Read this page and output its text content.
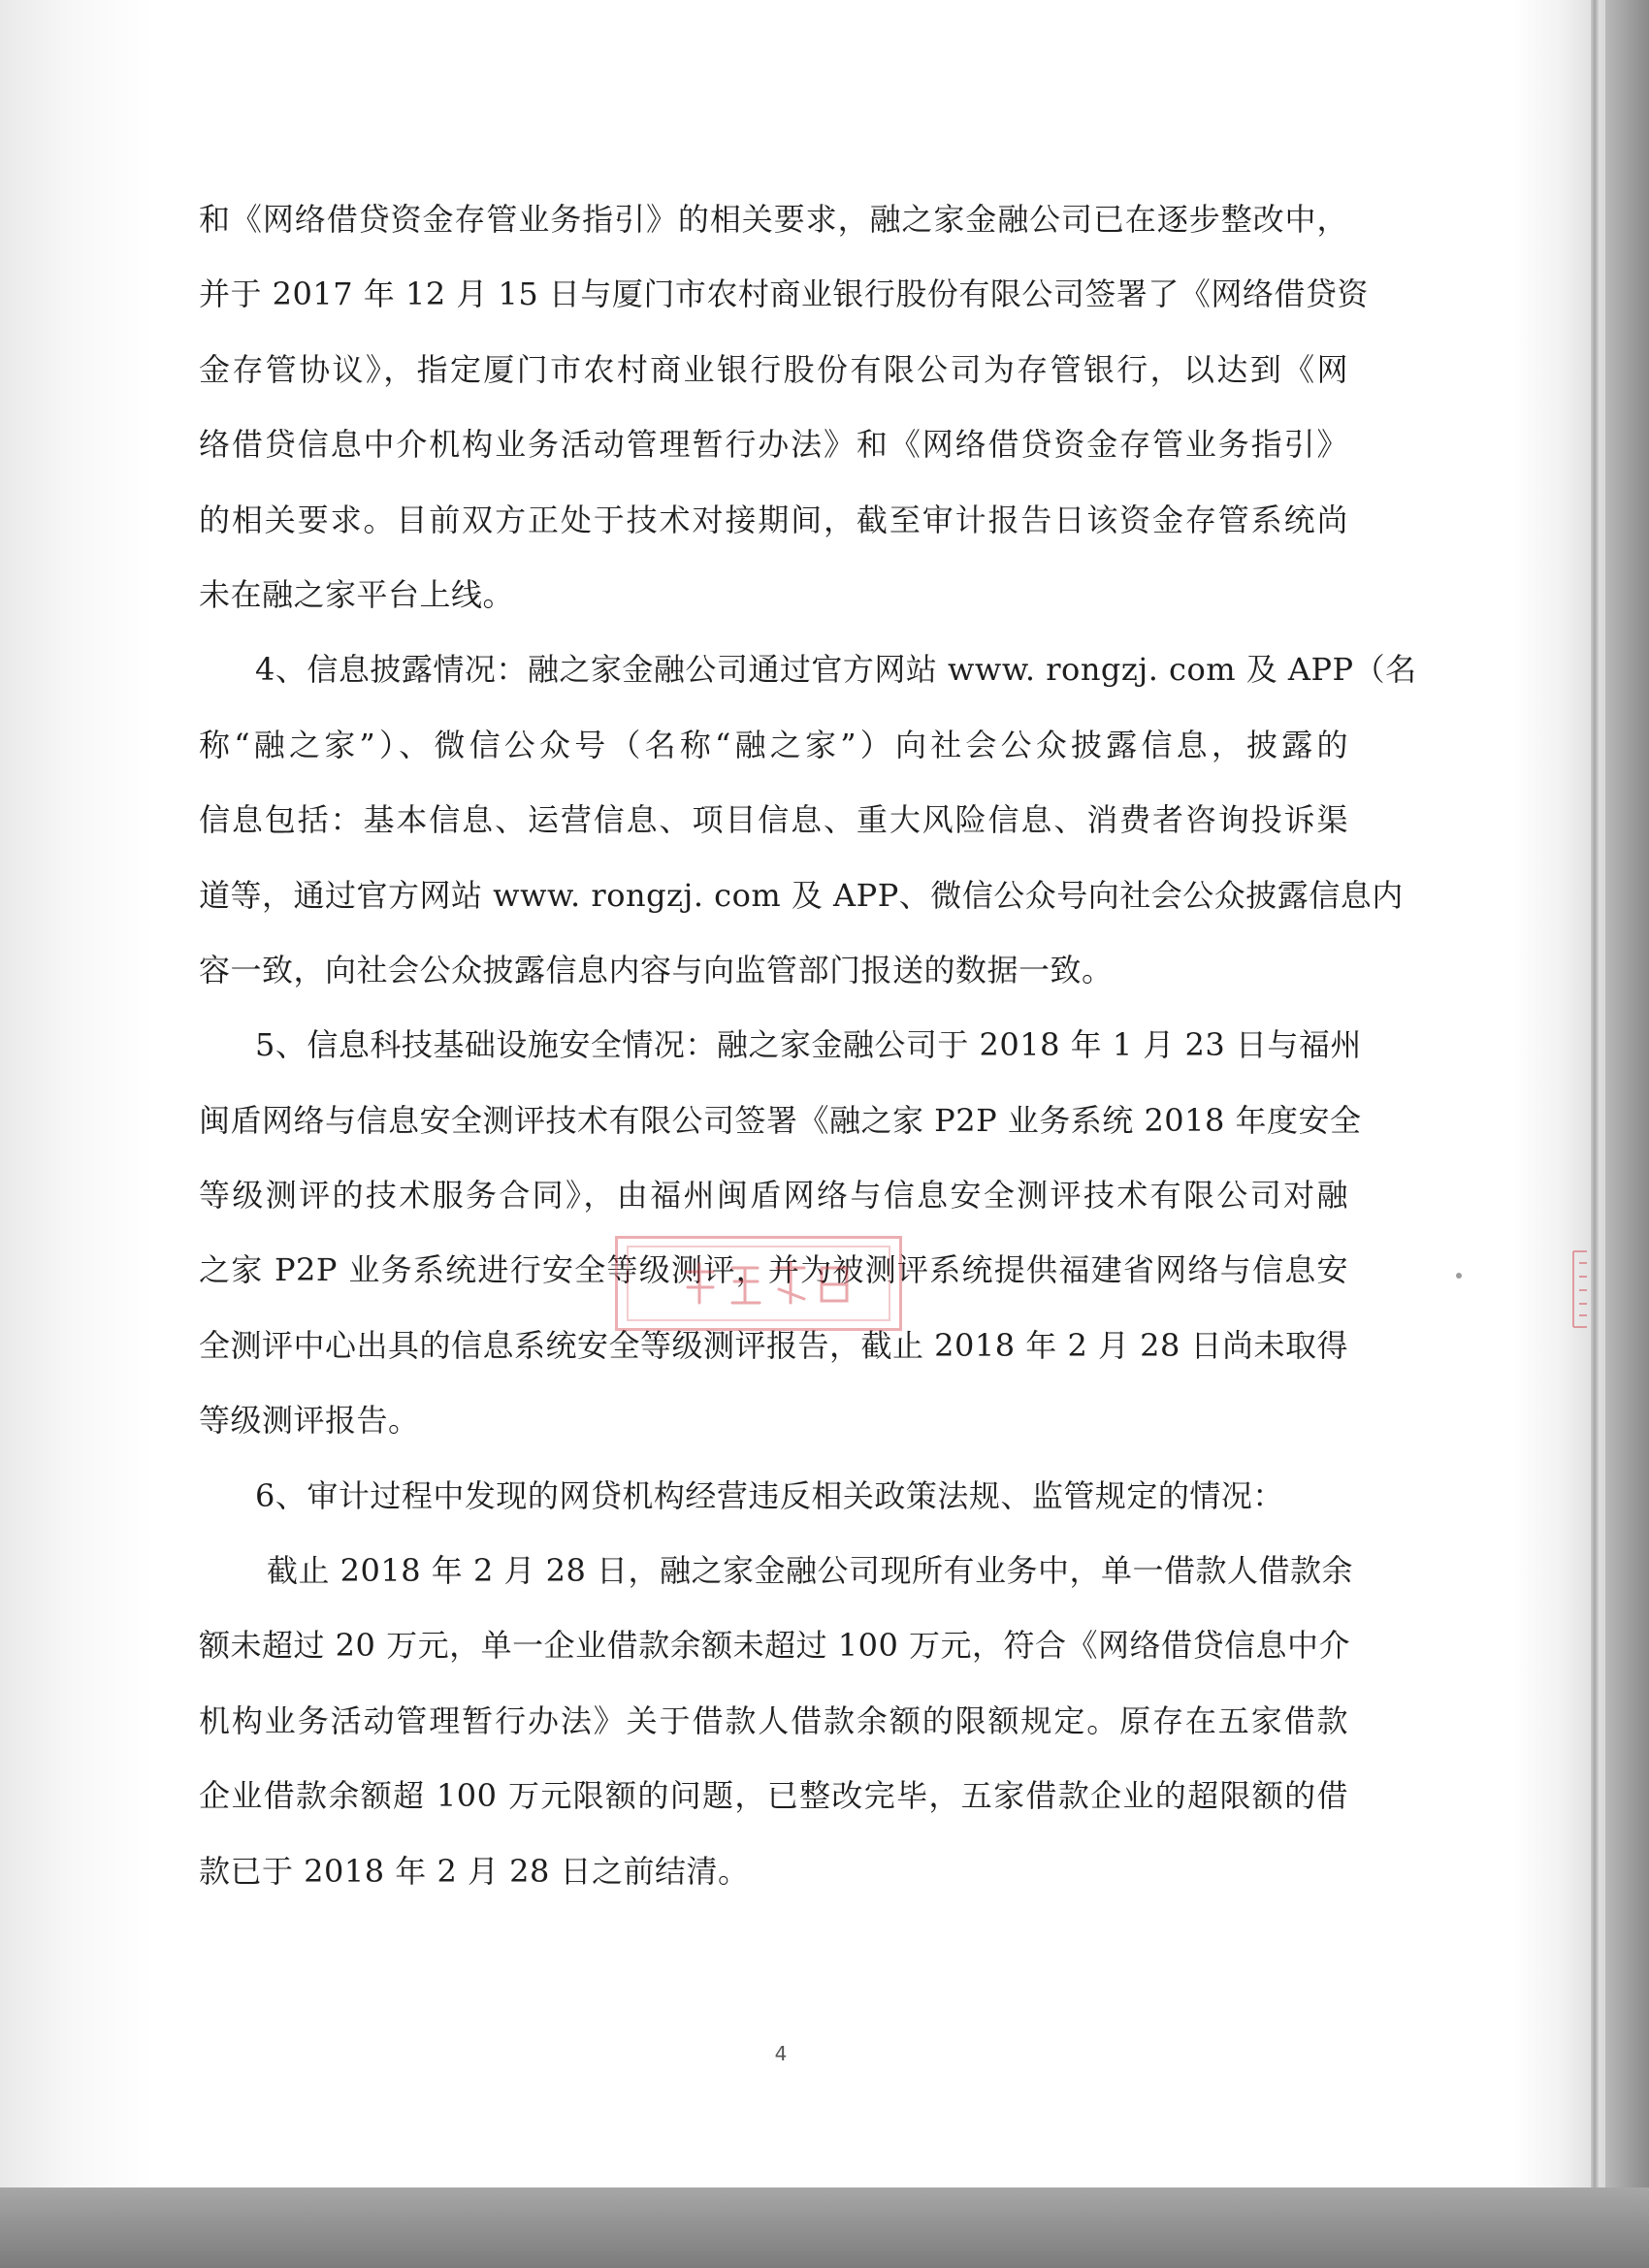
和《网络借贷资金存管业务指引》的相关要求，融之家金融公司已在逐步整改中，
并于 2017 年 12 月 15 日与厦门市农村商业银行股份有限公司签署了《网络借贷资
金存管协议》，指定厦门市农村商业银行股份有限公司为存管银行，以达到《网
络借贷信息中介机构业务活动管理暂行办法》和《网络借贷资金存管业务指引》
的相关要求。目前双方正处于技术对接期间，截至审计报告日该资金存管系统尚
未在融之家平台上线。
4、信息披露情况：融之家金融公司通过官方网站 www. rongzj. com 及 APP（名
称“融之家”）、微信公众号（名称“融之家”）向社会公众披露信息，披露的
信息包括：基本信息、运营信息、项目信息、重大风险信息、消费者咨询投诉渠
道等，通过官方网站 www. rongzj. com 及 APP、微信公众号向社会公众披露信息内
容一致，向社会公众披露信息内容与向监管部门报送的数据一致。
5、信息科技基础设施安全情况：融之家金融公司于 2018 年 1 月 23 日与福州
闽盾网络与信息安全测评技术有限公司签署《融之家 P2P 业务系统 2018 年度安全
等级测评的技术服务合同》，由福州闽盾网络与信息安全测评技术有限公司对融
之家 P2P 业务系统进行安全等级测评，并为被测评系统提供福建省网络与信息安
全测评中心出具的信息系统安全等级测评报告，截止 2018 年 2 月 28 日尚未取得
等级测评报告。
6、审计过程中发现的网贷机构经营违反相关政策法规、监管规定的情况：
截止 2018 年 2 月 28 日，融之家金融公司现所有业务中，单一借款人借款余
额未超过 20 万元，单一企业借款余额未超过 100 万元，符合《网络借贷信息中介
机构业务活动管理暂行办法》关于借款人借款余额的限额规定。原存在五家借款
企业借款余额超 100 万元限额的问题，已整改完毕，五家借款企业的超限额的借
款已于 2018 年 2 月 28 日之前结清。
4
